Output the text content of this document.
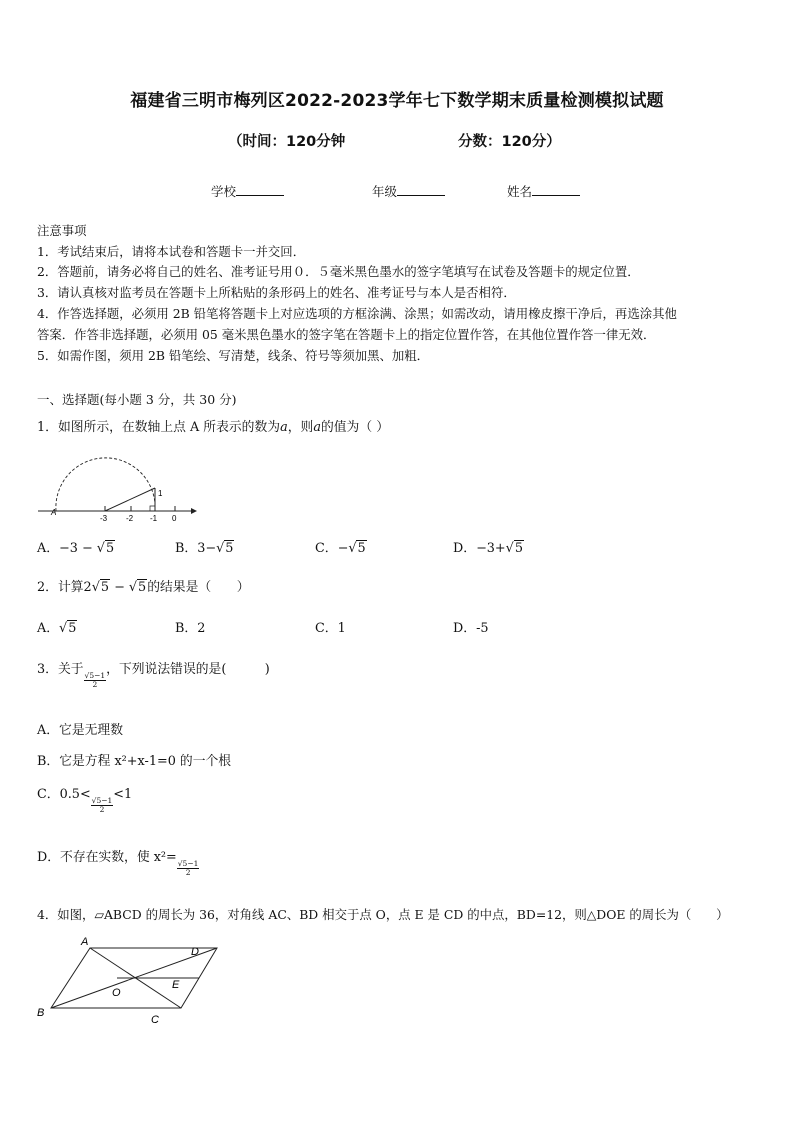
福建省三明市梅列区2022-2023学年七下数学期末质量检测模拟试题
（时间：120分钟	分数：120分）
学校	年级	姓名
注意事项
1．考试结束后，请将本试卷和答题卡一并交回．
2．答题前，请务必将自己的姓名、准考证号用０．５毫米黑色墨水的签字笔填写在试卷及答题卡的规定位置．
3．请认真核对监考员在答题卡上所粘贴的条形码上的姓名、准考证号与本人是否相符．
4．作答选择题，必须用 2B 铅笔将答题卡上对应选项的方框涂满、涂黑；如需改动，请用橡皮擦干净后，再选涂其他
答案．作答非选择题，必须用 05 毫米黑色墨水的签字笔在答题卡上的指定位置作答，在其他位置作答一律无效．
5．如需作图，须用 2B 铅笔绘、写清楚，线条、符号等须加黑、加粗．
一、选择题(每小题 3 分，共 30 分)
1．如图所示，在数轴上点 A 所表示的数为a，则a的值为（ ）
A
1
-3 -2 -1 0
A．−3 − √5	B．3−√5	C．−√5	D．−3+√5
2．计算2√5 − √5的结果是（　　）
A．√5	B．2	C．1	D．-5
3．关于
$\frac{√5-1}{2}$
，下列说法错误的是(　　　)
A．它是无理数
B．它是方程 x²+x-1=0 的一个根
C．0.5<
$\frac{√5-1}{2}$
<1
D．不存在实数，使 x²=
$\frac{√5-1}{2}$
4．如图，▱ABCD 的周长为 36，对角线 AC、BD 相交于点 O，点 E 是 CD 的中点，BD=12，则△DOE 的周长为（　　）
A
D
O
E
B
C
